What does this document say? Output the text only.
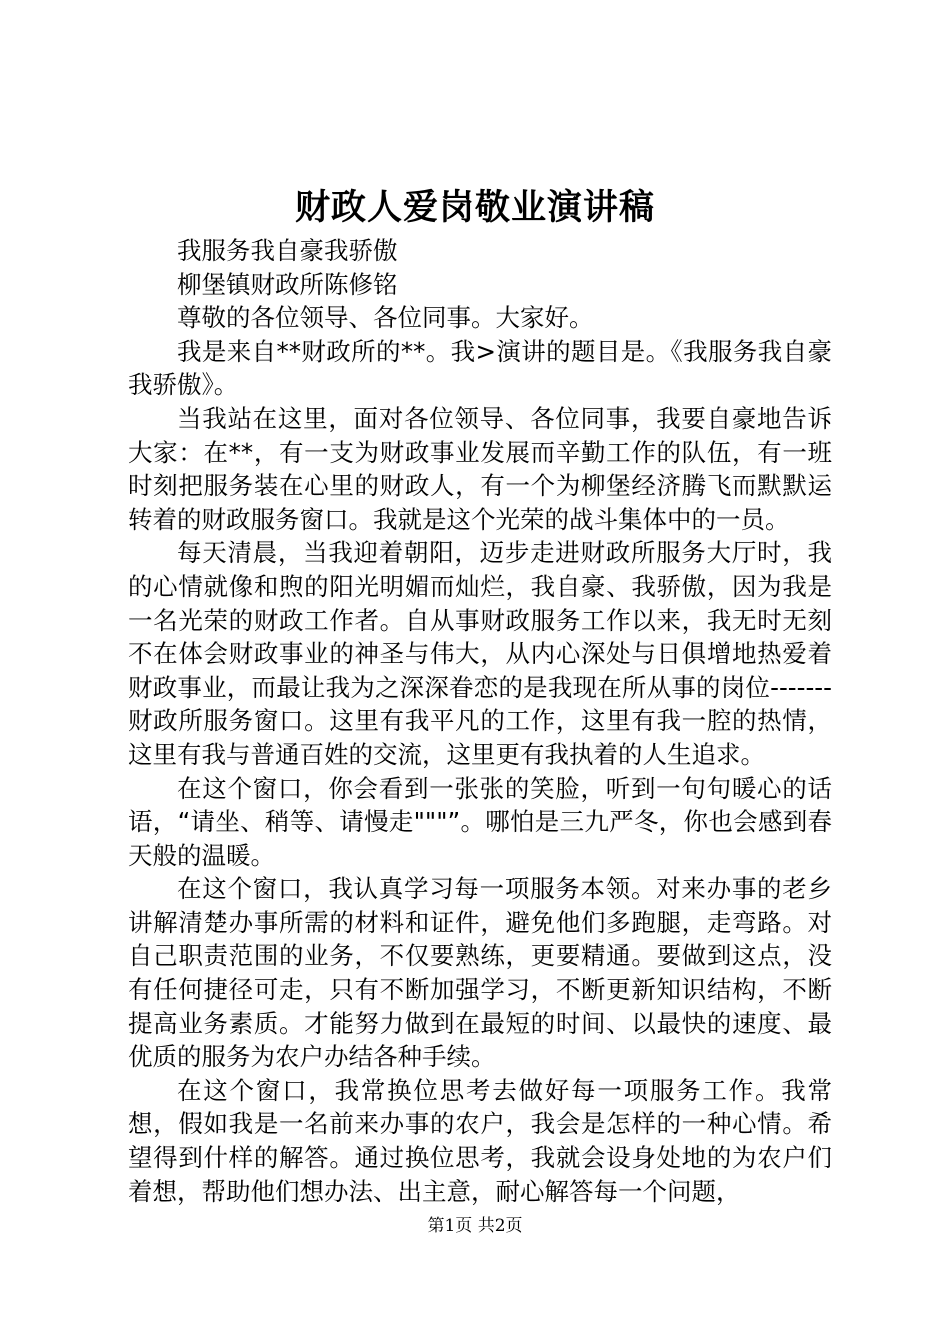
财政人爱岗敬业演讲稿

我服务我自豪我骄傲

柳堡镇财政所陈修铭

尊敬的各位领导、各位同事。大家好。

我是来自**财政所的**。我>演讲的题目是。《我服务我自豪我骄傲》。

当我站在这里，面对各位领导、各位同事，我要自豪地告诉大家：在**，有一支为财政事业发展而辛勤工作的队伍，有一班时刻把服务装在心里的财政人，有一个为柳堡经济腾飞而默默运转着的财政服务窗口。我就是这个光荣的战斗集体中的一员。

每天清晨，当我迎着朝阳，迈步走进财政所服务大厅时，我的心情就像和煦的阳光明媚而灿烂，我自豪、我骄傲，因为我是一名光荣的财政工作者。自从事财政服务工作以来，我无时无刻不在体会财政事业的神圣与伟大，从内心深处与日俱增地热爱着财政事业，而最让我为之深深眷恋的是我现在所从事的岗位-------财政所服务窗口。这里有我平凡的工作，这里有我一腔的热情，这里有我与普通百姓的交流，这里更有我执着的人生追求。

在这个窗口，你会看到一张张的笑脸，听到一句句暖心的话语，“请坐、稍等、请慢走"""”。哪怕是三九严冬，你也会感到春天般的温暖。

在这个窗口，我认真学习每一项服务本领。对来办事的老乡讲解清楚办事所需的材料和证件，避免他们多跑腿，走弯路。对自己职责范围的业务，不仅要熟练，更要精通。要做到这点，没有任何捷径可走，只有不断加强学习，不断更新知识结构，不断提高业务素质。才能努力做到在最短的时间、以最快的速度、最优质的服务为农户办结各种手续。

在这个窗口，我常换位思考去做好每一项服务工作。我常想，假如我是一名前来办事的农户，我会是怎样的一种心情。希望得到什样的解答。通过换位思考，我就会设身处地的为农户们着想，帮助他们想办法、出主意，耐心解答每一个问题，

第1页 共2页
